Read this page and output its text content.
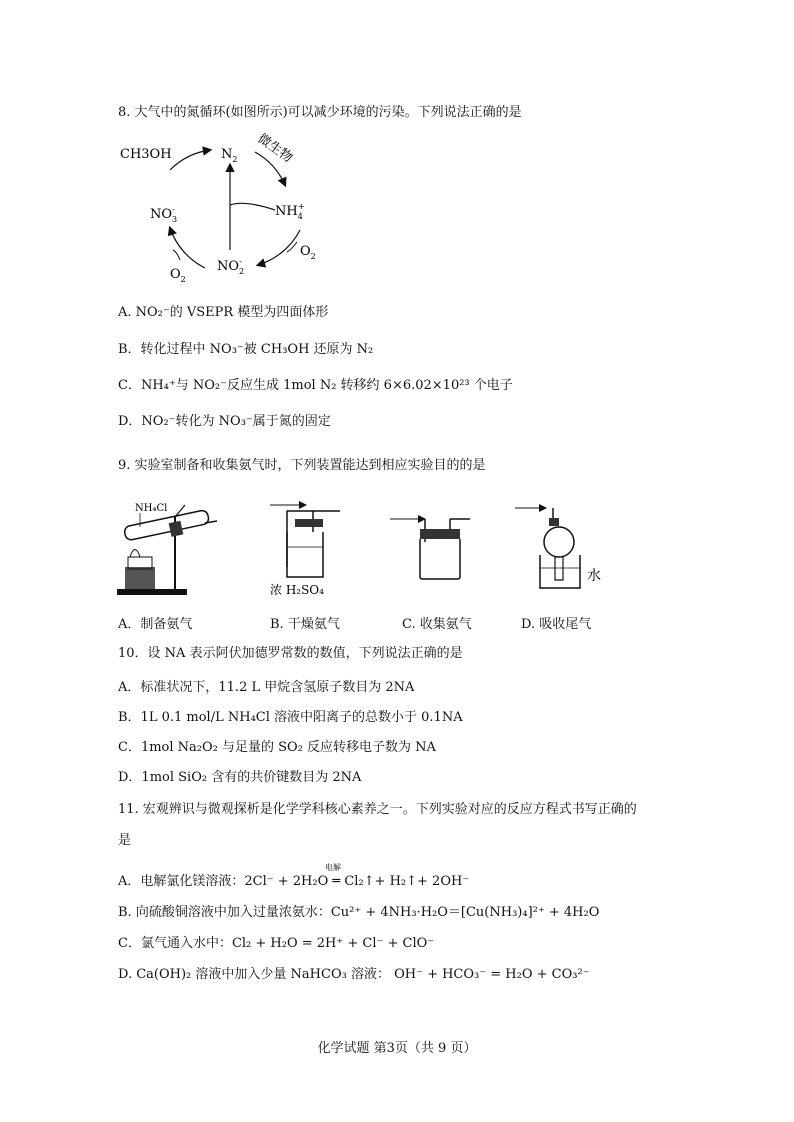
8. 大气中的氮循环(如图所示)可以减少环境的污染。下列说法正确的是
$N_2$
CH3OH	微生物
$NH_4+$
$NO_3-$
$NO_2-$
$O_2$
$O_2$
A. NO₂⁻的 VSEPR 模型为四面体形
B．转化过程中 NO₃⁻被 CH₃OH 还原为 N₂
C．NH₄⁺与 NO₂⁻反应生成 1mol N₂ 转移约 6×6.02×10²³ 个电子
D．NO₂⁻转化为 NO₃⁻属于氮的固定
9. 实验室制备和收集氨气时，下列装置能达到相应实验目的的是
NH₄Cl
浓 H₂SO₄
水
A．制备氨气	B. 干燥氨气	C. 收集氨气	D. 吸收尾气
10．设 NA 表示阿伏加德罗常数的数值，下列说法正确的是
A．标准状况下，11.2 L 甲烷含氢原子数目为 2NA
B．1L 0.1 mol/L NH₄Cl 溶液中阳离子的总数小于 0.1NA
C．1mol Na₂O₂ 与足量的 SO₂ 反应转移电子数为 NA
D．1mol SiO₂ 含有的共价键数目为 2NA
11. 宏观辨识与微观探析是化学学科核心素养之一。下列实验对应的反应方程式书写正确的
是
电解
A．电解氯化镁溶液：2Cl⁻ + 2H₂O ═ Cl₂↑+ H₂↑+ 2OH⁻
B. 向硫酸铜溶液中加入过量浓氨水：Cu²⁺ + 4NH₃·H₂O＝[Cu(NH₃)₄]²⁺ + 4H₂O
C．氯气通入水中：Cl₂ + H₂O = 2H⁺ + Cl⁻ + ClO⁻
D. Ca(OH)₂ 溶液中加入少量 NaHCO₃ 溶液： OH⁻ + HCO₃⁻ = H₂O + CO₃²⁻
化学试题 第3页（共 9 页）
